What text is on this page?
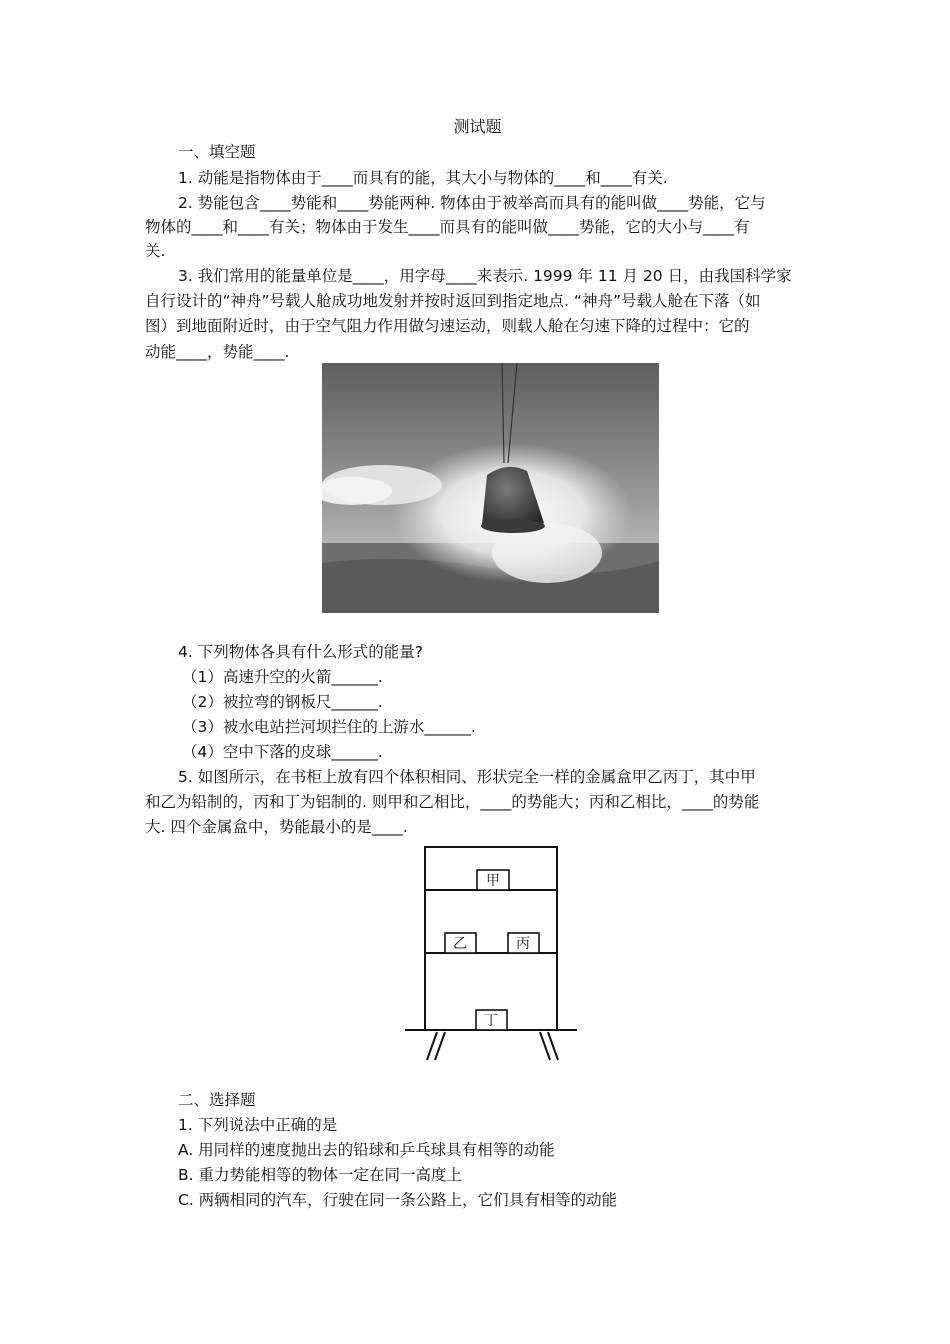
测试题
一、填空题
1. 动能是指物体由于____而具有的能，其大小与物体的____和____有关.
2. 势能包含____势能和____势能两种. 物体由于被举高而具有的能叫做____势能，它与
物体的____和____有关；物体由于发生____而具有的能叫做____势能，它的大小与____有
关.
3. 我们常用的能量单位是____，用字母____来表示. 1999 年 11 月 20 日，由我国科学家
自行设计的“神舟”号载人舱成功地发射并按时返回到指定地点. “神舟”号载人舱在下落（如
图）到地面附近时，由于空气阻力作用做匀速运动，则载人舱在匀速下降的过程中：它的
动能____，势能____.
4. 下列物体各具有什么形式的能量?
（1）高速升空的火箭______.
（2）被拉弯的钢板尺______.
（3）被水电站拦河坝拦住的上游水______.
（4）空中下落的皮球______.
5. 如图所示，在书柜上放有四个体积相同、形状完全一样的金属盒甲乙丙丁，其中甲
和乙为铅制的，丙和丁为铝制的. 则甲和乙相比，____的势能大；丙和乙相比，____的势能
大. 四个金属盒中，势能最小的是____.
甲
乙	丙
丁
二、选择题
1. 下列说法中正确的是
A. 用同样的速度抛出去的铅球和乒乓球具有相等的动能
B. 重力势能相等的物体一定在同一高度上
C. 两辆相同的汽车，行驶在同一条公路上，它们具有相等的动能
